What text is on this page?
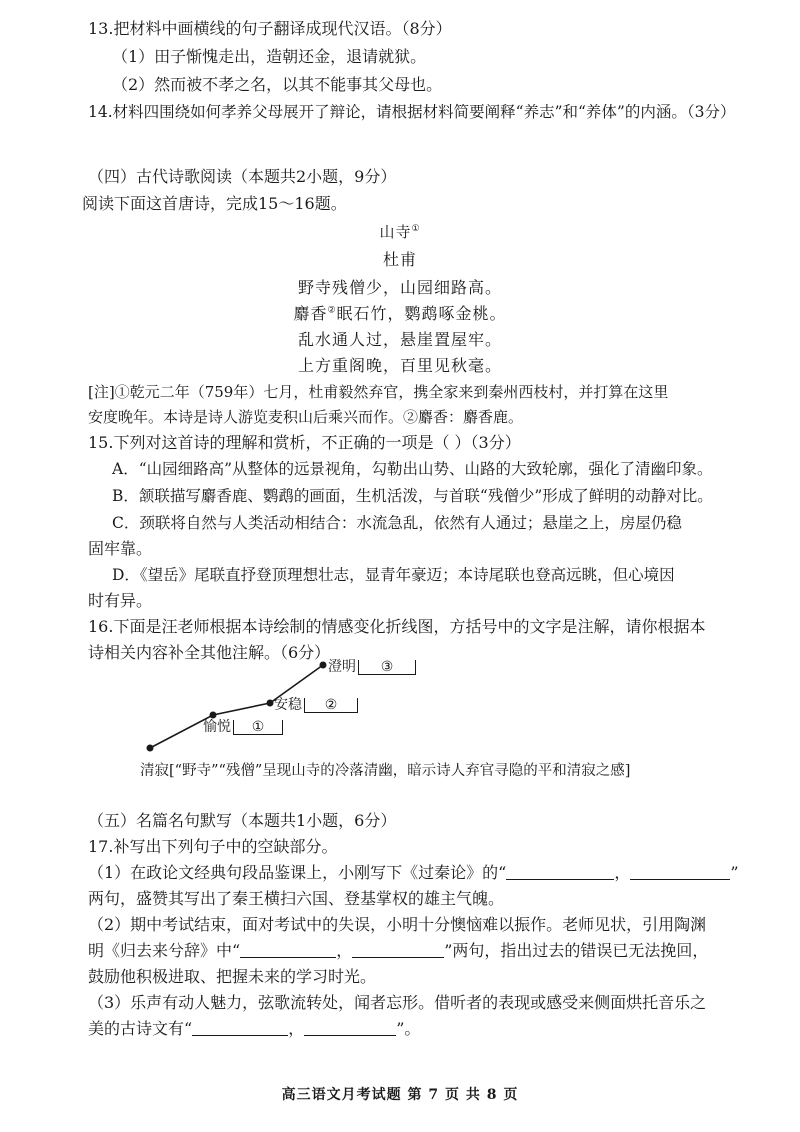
13.把材料中画横线的句子翻译成现代汉语。（8分）
（1）田子惭愧走出，造朝还金，退请就狱。
（2）然而被不孝之名，以其不能事其父母也。
14.材料四围绕如何孝养父母展开了辩论，请根据材料简要阐释“养志”和“养体”的内涵。（3分）
（四）古代诗歌阅读（本题共2小题，9分）
阅读下面这首唐诗，完成15～16题。
山寺①
杜甫
野寺残僧少，山园细路高。
麝香②眠石竹，鹦鹉啄金桃。
乱水通人过，悬崖置屋牢。
上方重阁晚，百里见秋毫。
[注]①乾元二年（759年）七月，杜甫毅然弃官，携全家来到秦州西枝村，并打算在这里
安度晚年。本诗是诗人游览麦积山后乘兴而作。②麝香：麝香鹿。
15.下列对这首诗的理解和赏析，不正确的一项是（ ）（3分）
A．“山园细路高”从整体的远景视角，勾勒出山势、山路的大致轮廓，强化了清幽印象。
B．颔联描写麝香鹿、鹦鹉的画面，生机活泼，与首联“残僧少”形成了鲜明的动静对比。
C．颈联将自然与人类活动相结合：水流急乱，依然有人通过；悬崖之上，房屋仍稳
固牢靠。
D．《望岳》尾联直抒登顶理想壮志，显青年豪迈；本诗尾联也登高远眺，但心境因
时有异。
16.下面是汪老师根据本诗绘制的情感变化折线图，方括号中的文字是注解，请你根据本
诗相关内容补全其他注解。（6分）
澄明 ③
安稳 ②
愉悦 ①
清寂[“野寺”“残僧”呈现山寺的冷落清幽，暗示诗人弃官寻隐的平和清寂之感]
（五）名篇名句默写（本题共1小题，6分）
17.补写出下列句子中的空缺部分。
（1）在政论文经典句段品鉴课上，小刚写下《过秦论》的“	，	”
两句，盛赞其写出了秦王横扫六国、登基掌权的雄主气魄。
（2）期中考试结束，面对考试中的失误，小明十分懊恼难以振作。老师见状，引用陶渊
明《归去来兮辞》中“	，	”两句，指出过去的错误已无法挽回，
鼓励他积极进取、把握未来的学习时光。
（3）乐声有动人魅力，弦歌流转处，闻者忘形。借听者的表现或感受来侧面烘托音乐之
美的古诗文有“	，	”。
高三语文月考试题 第 7 页 共 8 页
